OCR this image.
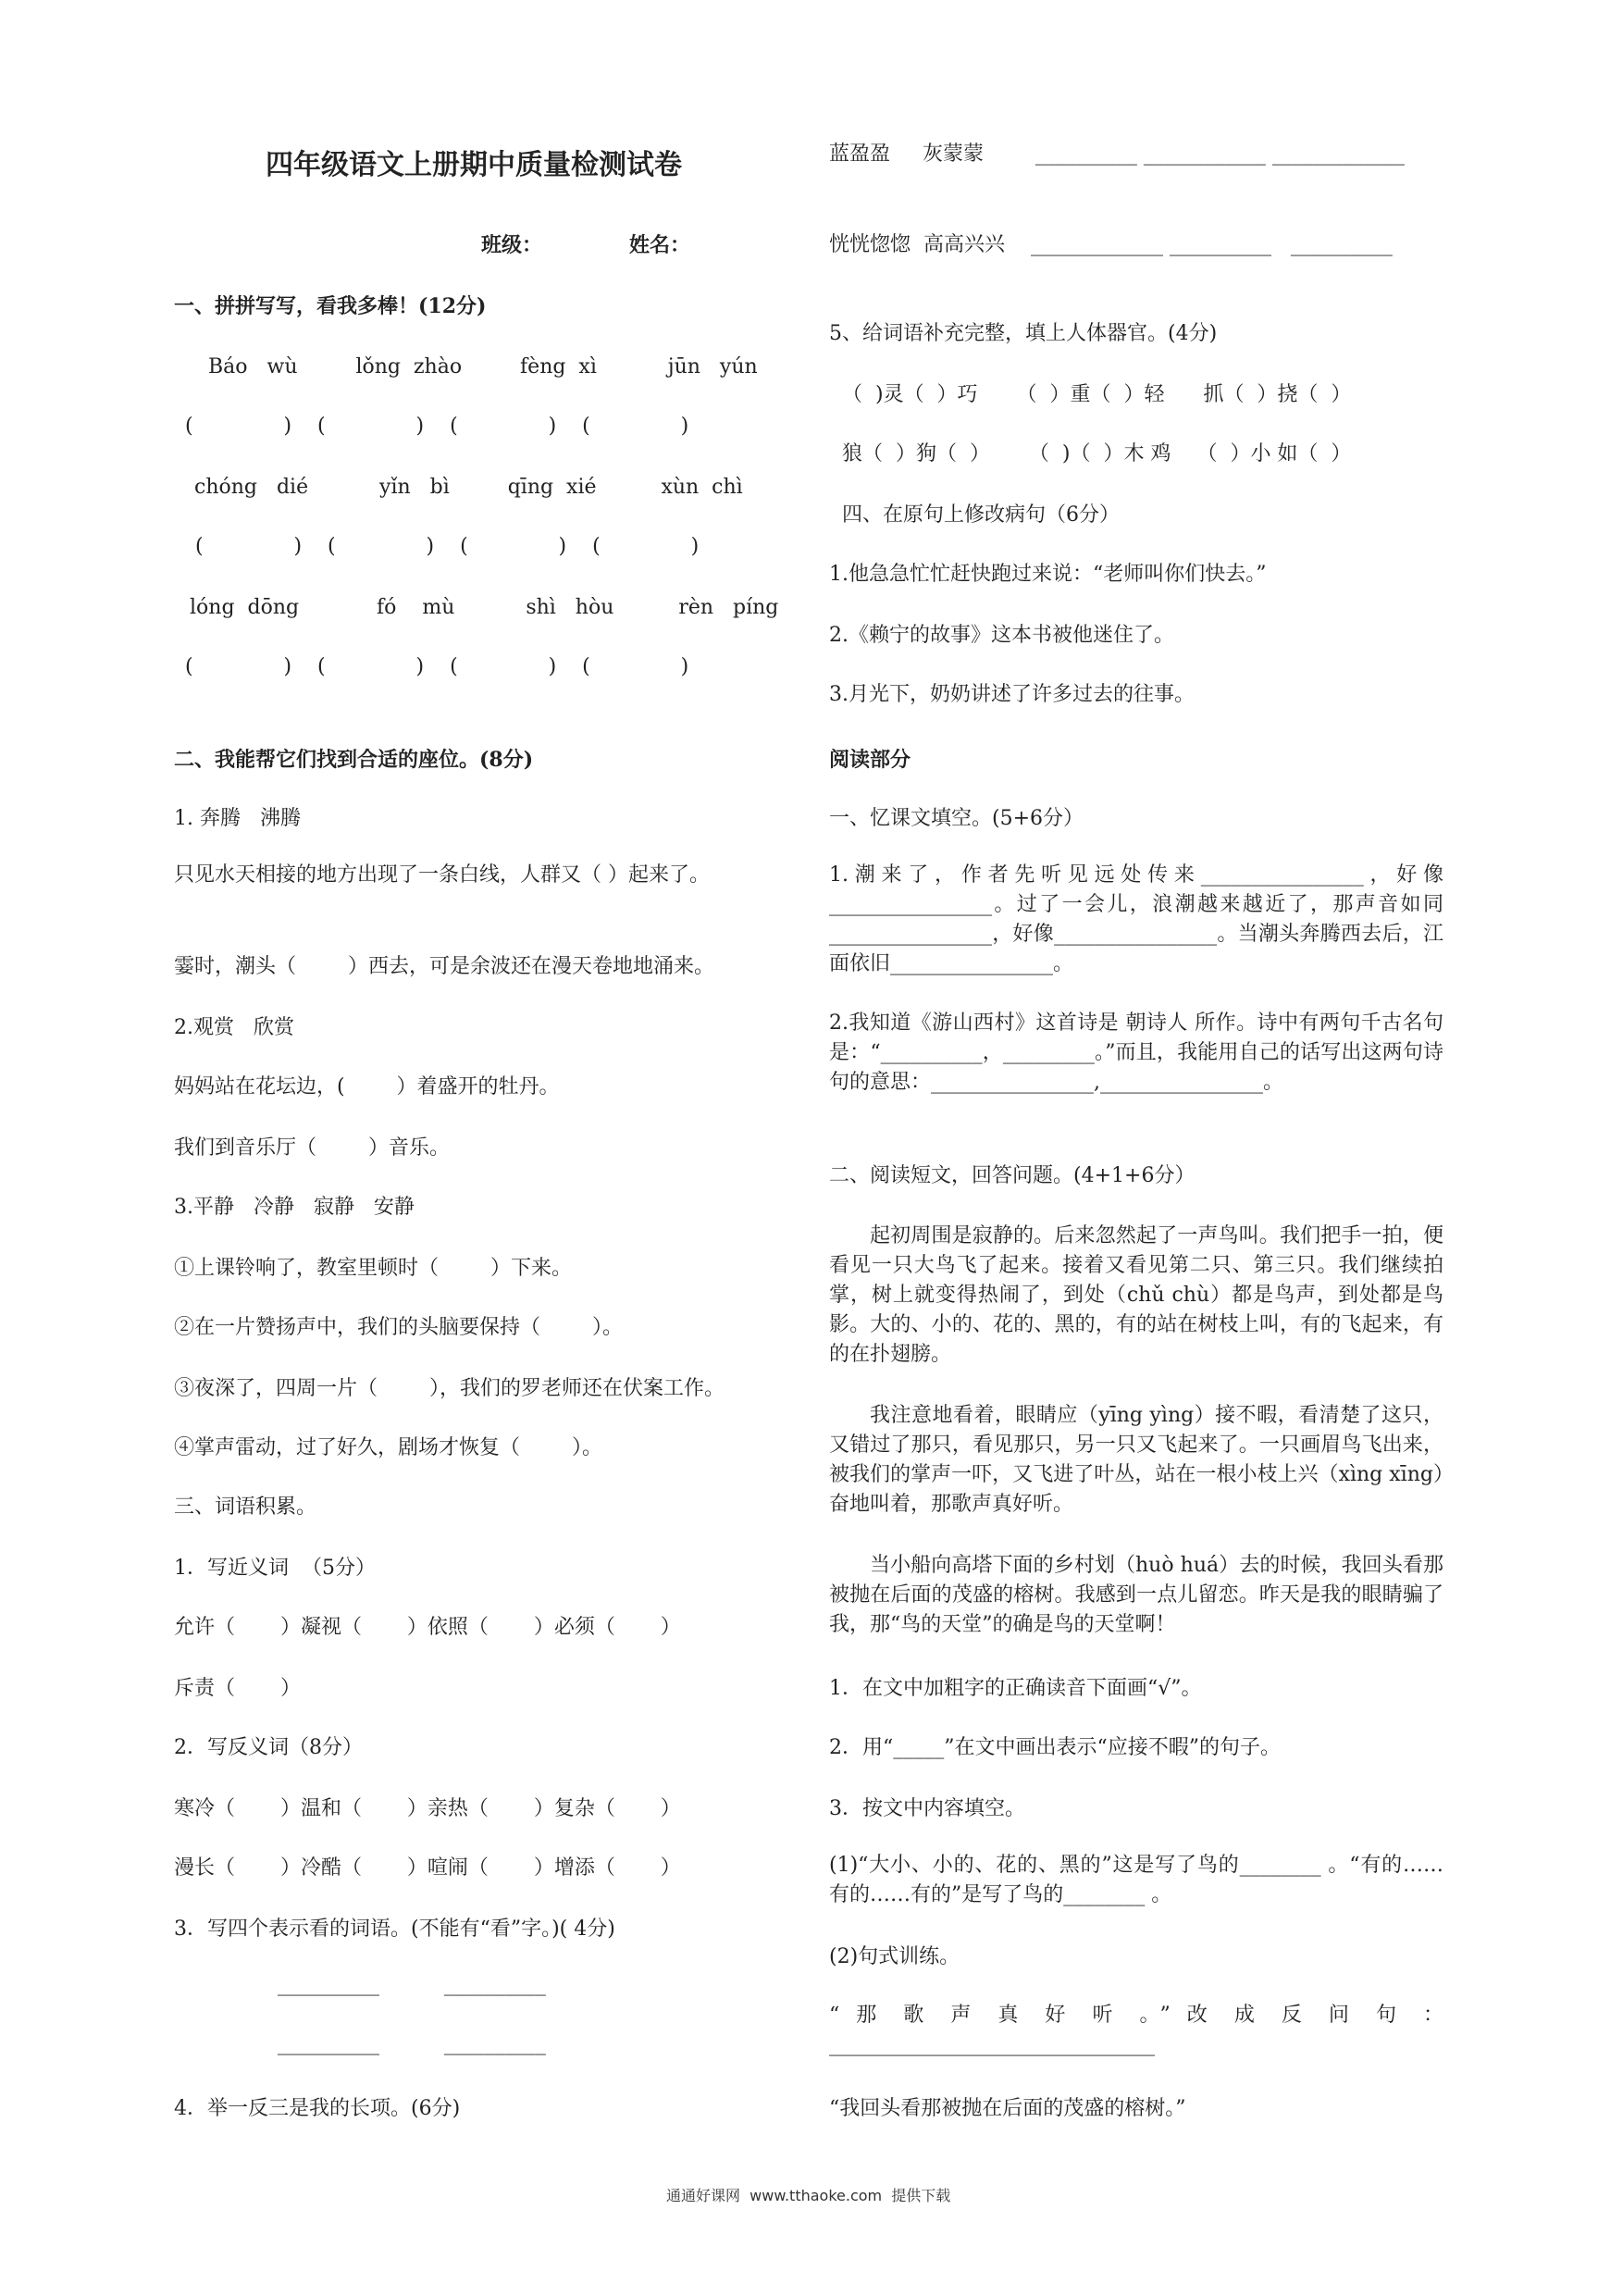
四年级语文上册期中质量检测试卷
班级：	姓名：
一、拼拼写写，看我多棒！(12分)
Báo   wù         lǒng  zhào         fèng  xì           jūn   yún
(              )    (              )    (              )    (              )
chóng   dié           yǐn   bì         qīng  xié          xùn  chì
(              )    (              )    (              )    (              )
lóng  dōng            fó    mù           shì   hòu          rèn   píng
(              )    (              )    (              )    (              )
二、我能帮它们找到合适的座位。(8分)
1. 奔腾   沸腾
只见水天相接的地方出现了一条白线，人群又（ ）起来了。
霎时，潮头（        ）西去，可是余波还在漫天卷地地涌来。
2.观赏   欣赏
妈妈站在花坛边，(        ）着盛开的牡丹。
我们到音乐厅（        ）音乐。
3.平静   冷静   寂静   安静
①上课铃响了，教室里顿时（        ）下来。
②在一片赞扬声中，我们的头脑要保持（        ）。
③夜深了，四周一片（        ），我们的罗老师还在伏案工作。
④掌声雷动，过了好久，剧场才恢复（        ）。
三、词语积累。
1．写近义词  （5分）
允许（       ）凝视（       ）依照（       ）必须（       ）
斥责（       ）
2．写反义词（8分）
寒冷（       ）温和（       ）亲热（       ）复杂（       ）
漫长（       ）冷酷（       ）喧闹（       ）增添（       ）
3．写四个表示看的词语。(不能有“看”字。)( 4分)
__________          __________
__________          __________
4．举一反三是我的长项。(6分)
蓝盈盈     灰蒙蒙        __________ ____________ _____________
恍恍惚惚  高高兴兴    _____________ __________   __________
5、给词语补充完整，填上人体器官。(4分)
（  )灵（  ）巧      （  ）重（  ）轻      抓（  ）挠（  ）
狼（  ）狗（  ）      （  )（  ）木 鸡    （  ）小 如（  ）
四、在原句上修改病句（6分）
1.他急急忙忙赶快跑过来说：“老师叫你们快去。”
2.《赖宁的故事》这本书被他迷住了。
3.月光下，奶奶讲述了许多过去的往事。
阅读部分
一、忆课文填空。(5+6分）
1.潮来了，作者先听见远处传来________________，好像________________。过了一会儿，浪潮越来越近了，那声音如同________________，好像________________。当潮头奔腾西去后，江面依旧________________。
2.我知道《游山西村》这首诗是 朝诗人 所作。诗中有两句千古名句是：“__________，_________。”而且，我能用自己的话写出这两句诗句的意思：________________,________________。
二、阅读短文，回答问题。(4+1+6分）
起初周围是寂静的。后来忽然起了一声鸟叫。我们把手一拍，便看见一只大鸟飞了起来。接着又看见第二只、第三只。我们继续拍掌，树上就变得热闹了，到处（chǔ chù）都是鸟声，到处都是鸟影。大的、小的、花的、黑的，有的站在树枝上叫，有的飞起来，有的在扑翅膀。
我注意地看着，眼睛应（yīng yìng）接不暇，看清楚了这只，又错过了那只，看见那只，另一只又飞起来了。一只画眉鸟飞出来，被我们的掌声一吓，又飞进了叶丛，站在一根小枝上兴（xìng xīng）奋地叫着，那歌声真好听。
当小船向高塔下面的乡村划（huò huá）去的时候，我回头看那被抛在后面的茂盛的榕树。我感到一点儿留恋。昨天是我的眼睛骗了我，那“鸟的天堂”的确是鸟的天堂啊！
1．在文中加粗字的正确读音下面画“√”。
2．用“_____”在文中画出表示“应接不暇”的句子。
3．按文中内容填空。
(1)“大小、小的、花的、黑的”这是写了鸟的________ 。“有的……有的……有的”是写了鸟的________ 。
(2)句式训练。
“ 那 歌 声 真 好 听 。” 改 成 反 问 句 ：________________________________
“我回头看那被抛在后面的茂盛的榕树。”
通通好课网  www.tthaoke.com  提供下载
